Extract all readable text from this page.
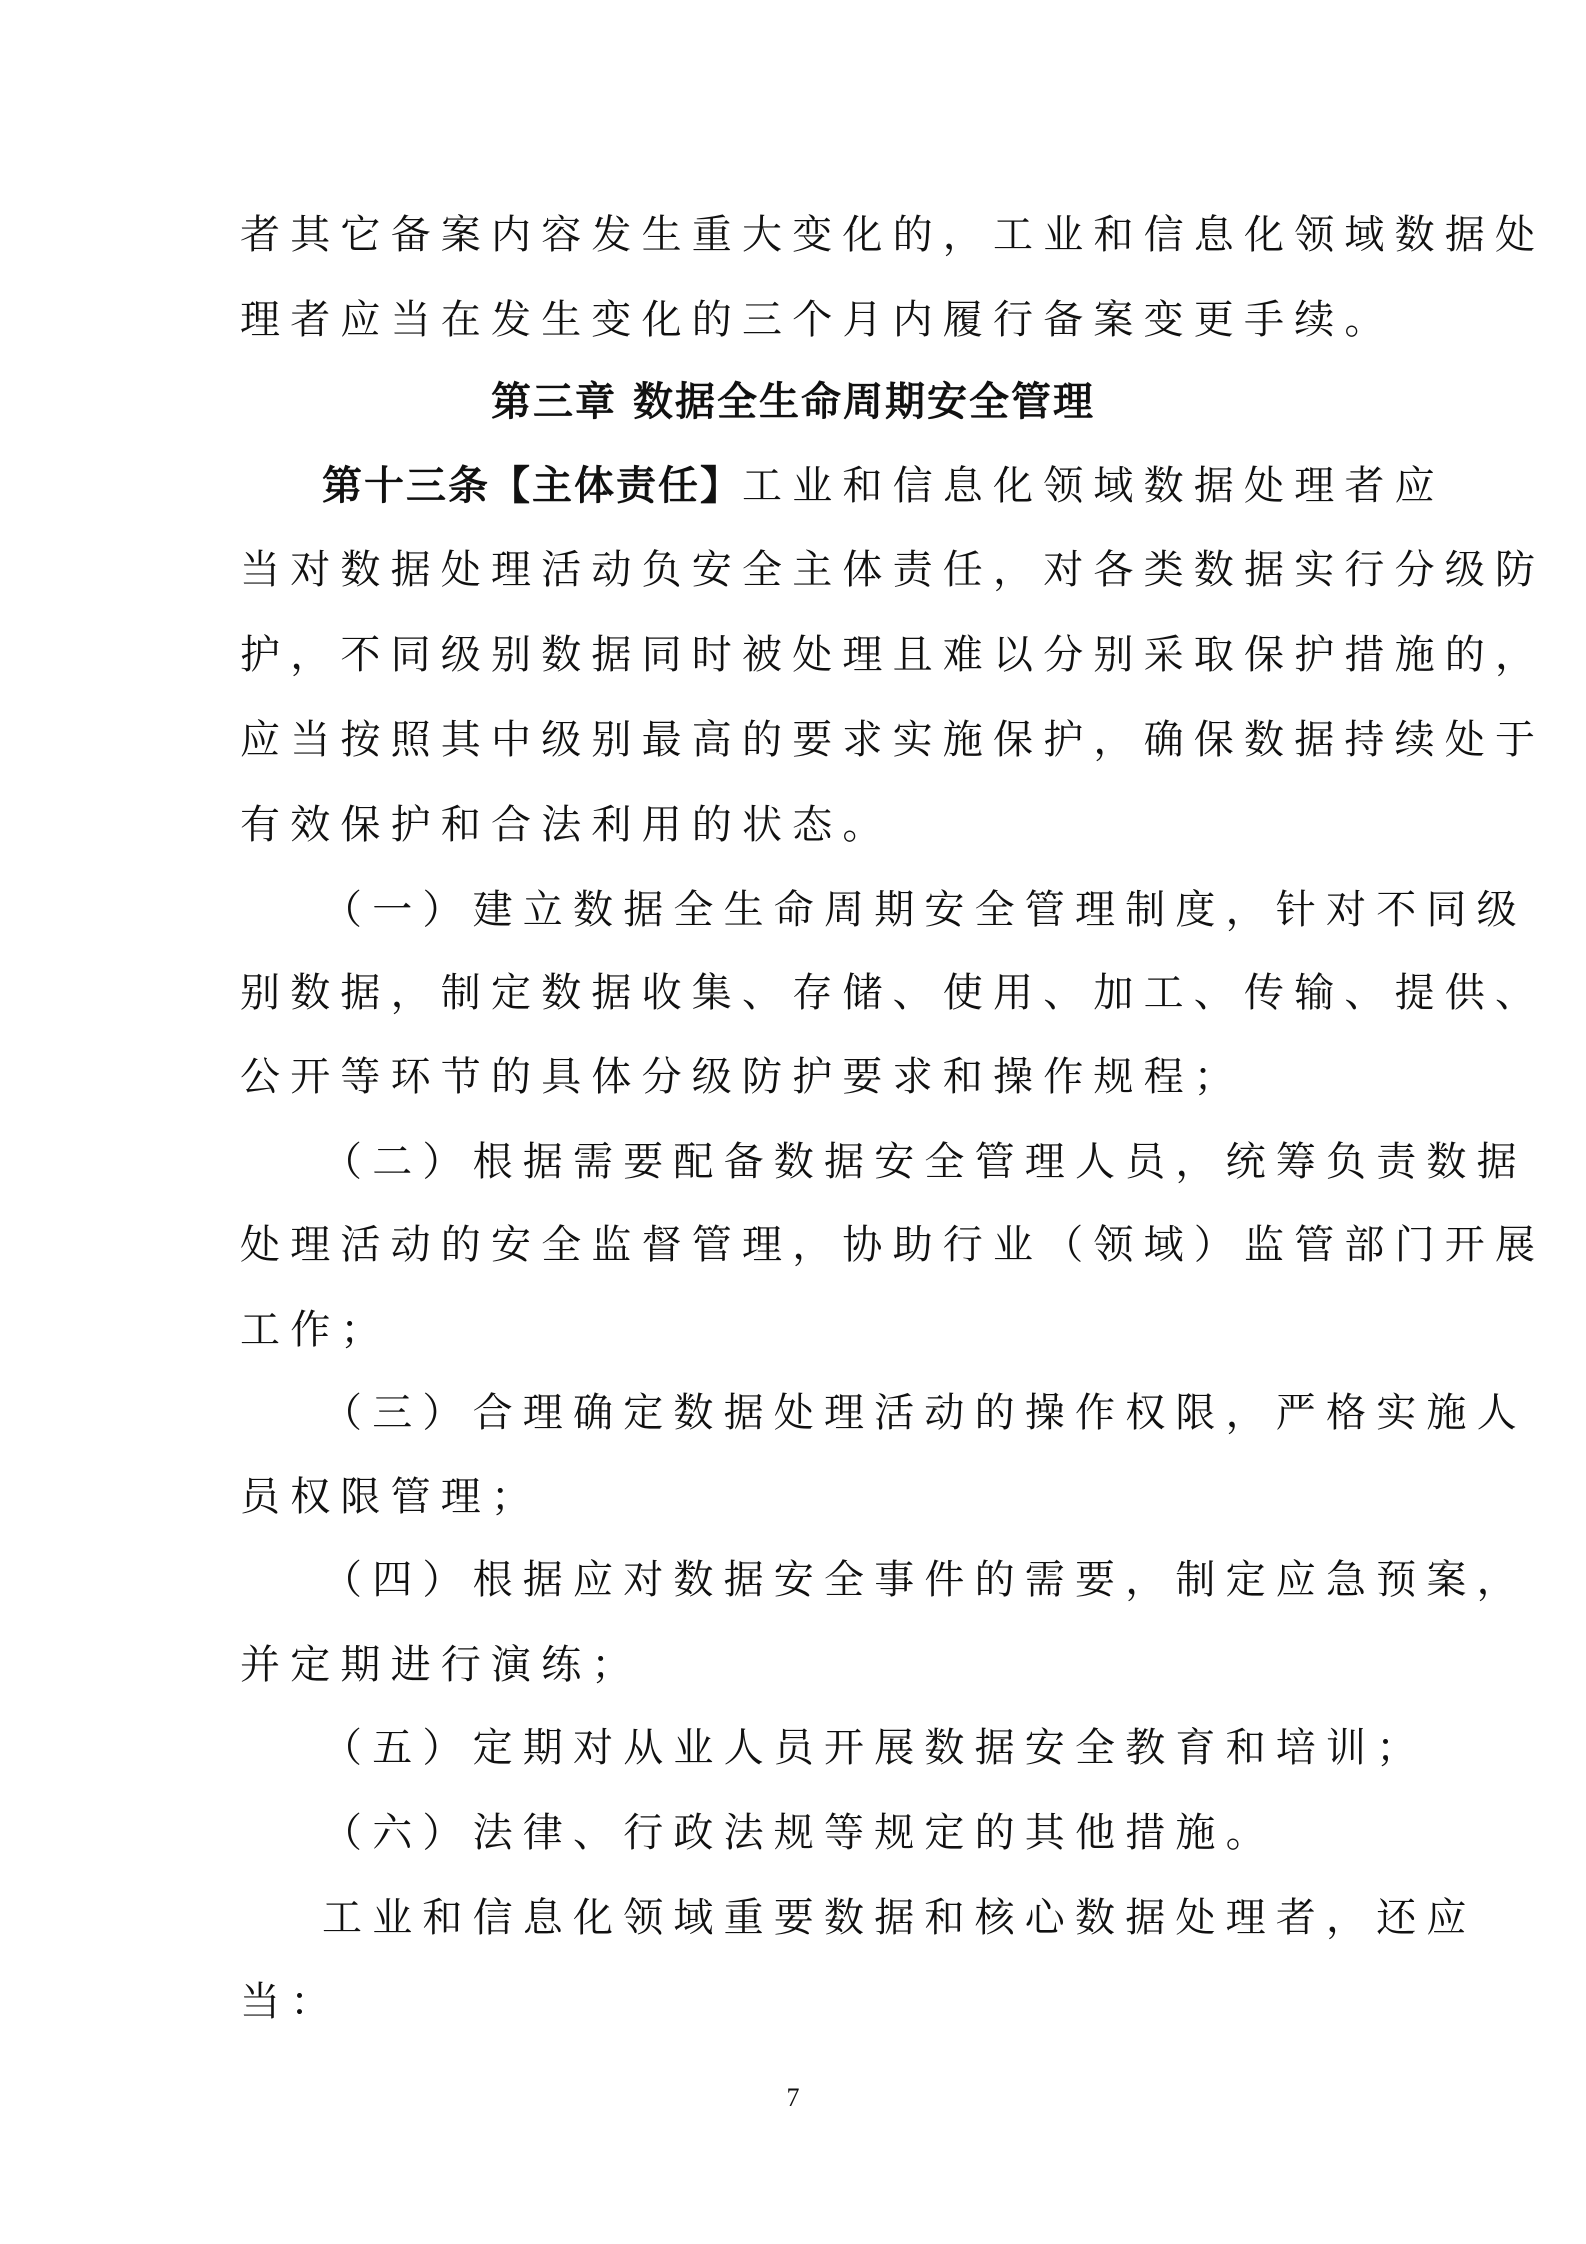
者其它备案内容发生重大变化的，工业和信息化领域数据处
理者应当在发生变化的三个月内履行备案变更手续。
第三章 数据全生命周期安全管理
第十三条【主体责任】工业和信息化领域数据处理者应
当对数据处理活动负安全主体责任，对各类数据实行分级防
护，不同级别数据同时被处理且难以分别采取保护措施的，
应当按照其中级别最高的要求实施保护，确保数据持续处于
有效保护和合法利用的状态。
（一）建立数据全生命周期安全管理制度，针对不同级
别数据，制定数据收集、存储、使用、加工、传输、提供、
公开等环节的具体分级防护要求和操作规程；
（二）根据需要配备数据安全管理人员，统筹负责数据
处理活动的安全监督管理，协助行业（领域）监管部门开展
工作；
（三）合理确定数据处理活动的操作权限，严格实施人
员权限管理；
（四）根据应对数据安全事件的需要，制定应急预案，
并定期进行演练；
（五）定期对从业人员开展数据安全教育和培训；
（六）法律、行政法规等规定的其他措施。
工业和信息化领域重要数据和核心数据处理者，还应
当：
7
